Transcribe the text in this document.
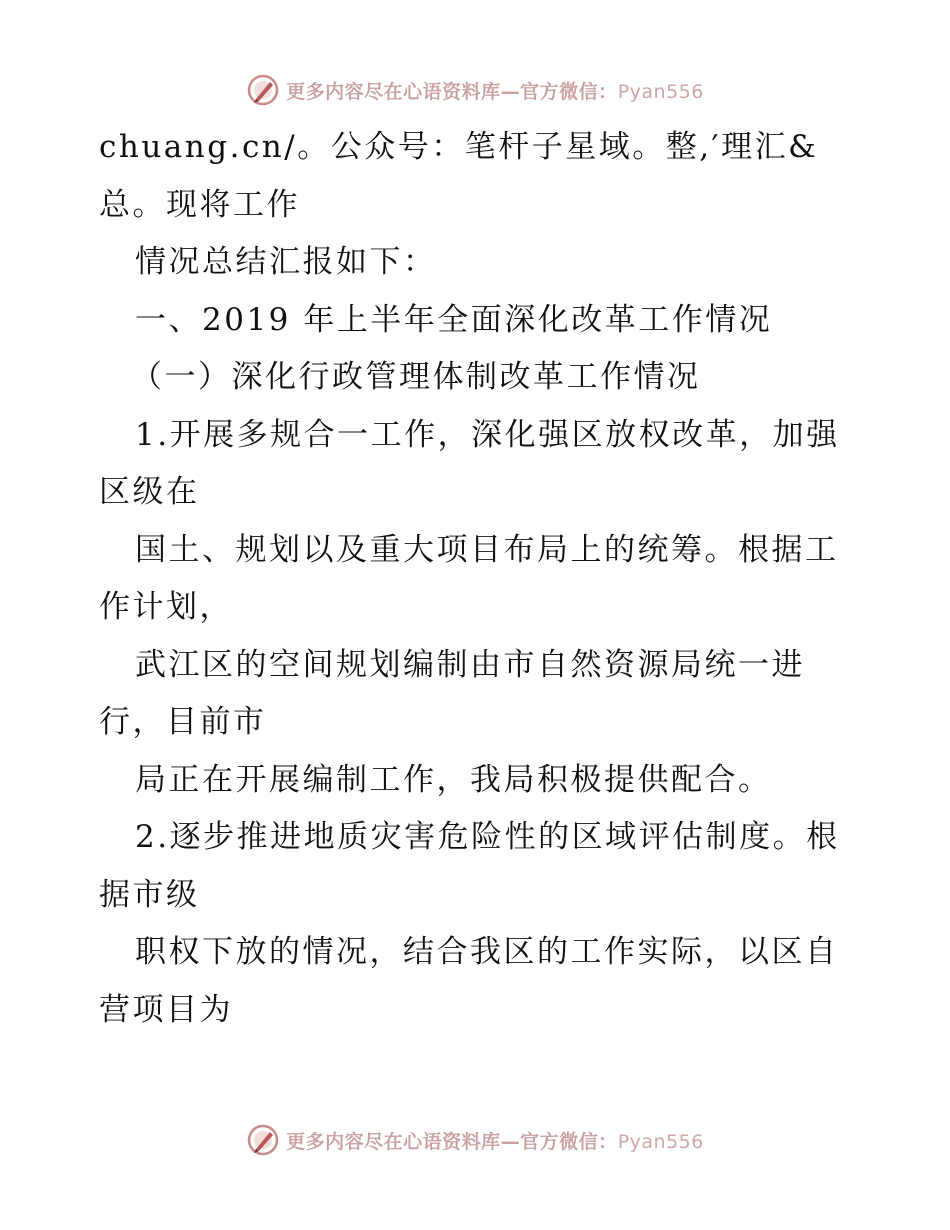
更多内容尽在心语资料库—官方微信：Pyan556
chuang.cn/。公众号：笔杆子星域。整,′理汇&
总。现将工作
情况总结汇报如下：
一、2019 年上半年全面深化改革工作情况
（一）深化行政管理体制改革工作情况
1.开展多规合一工作，深化强区放权改革，加强
区级在
国土、规划以及重大项目布局上的统筹。根据工
作计划，
武江区的空间规划编制由市自然资源局统一进
行，目前市
局正在开展编制工作，我局积极提供配合。
2.逐步推进地质灾害危险性的区域评估制度。根
据市级
职权下放的情况，结合我区的工作实际，以区自
营项目为
更多内容尽在心语资料库—官方微信：Pyan556
